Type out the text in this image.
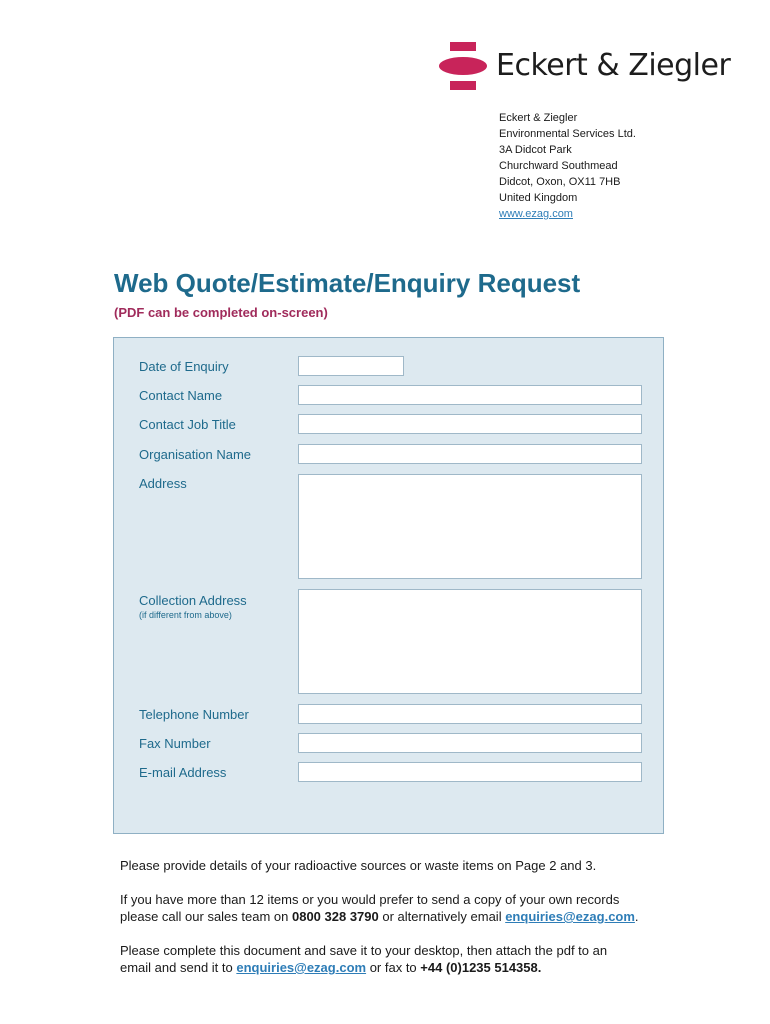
Eckert & Ziegler
Eckert & Ziegler
Environmental Services Ltd.
3A Didcot Park
Churchward Southmead
Didcot, Oxon, OX11 7HB
United Kingdom
www.ezag.com
Web Quote/Estimate/Enquiry Request
(PDF can be completed on-screen)
Date of Enquiry
Contact Name
Contact Job Title
Organisation Name
Address
Collection Address
(if different from above)
Telephone Number
Fax Number
E-mail Address
Please provide details of your radioactive sources or waste items on Page 2 and 3.
If you have more than 12 items or you would prefer to send a copy of your own records
please call our sales team on 0800 328 3790 or alternatively email enquiries@ezag.com.
Please complete this document and save it to your desktop, then attach the pdf to an
email and send it to enquiries@ezag.com or fax to +44 (0)1235 514358.
